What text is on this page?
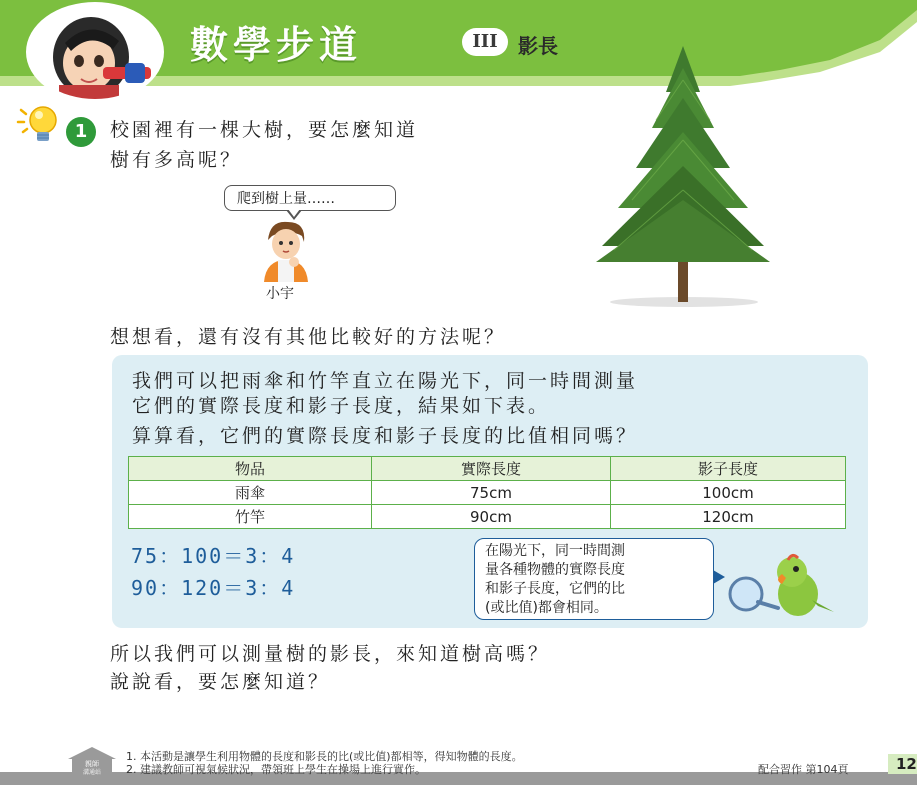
數學步道	III	影長
1	校園裡有一棵大樹，要怎麼知道
樹有多高呢？
爬到樹上量……
小宇
想想看，還有沒有其他比較好的方法呢？
我們可以把雨傘和竹竿直立在陽光下，同一時間測量
它們的實際長度和影子長度，結果如下表。
算算看，它們的實際長度和影子長度的比值相同嗎？
物品	實際長度	影子長度
雨傘	75cm	100cm
竹竿	90cm	120cm
75：100＝3：4
90：120＝3：4
在陽光下，同一時間測
量各種物體的實際長度
和影子長度，它們的比
(或比值)都會相同。
所以我們可以測量樹的影長，來知道樹高嗎？
說說看，要怎麼知道？
親師
溝通站
1. 本活動是讓學生利用物體的長度和影長的比(或比值)都相等，得知物體的長度。
2. 建議教師可視氣候狀況，帶領班上學生在操場上進行實作。	配合習作 第104頁	12
